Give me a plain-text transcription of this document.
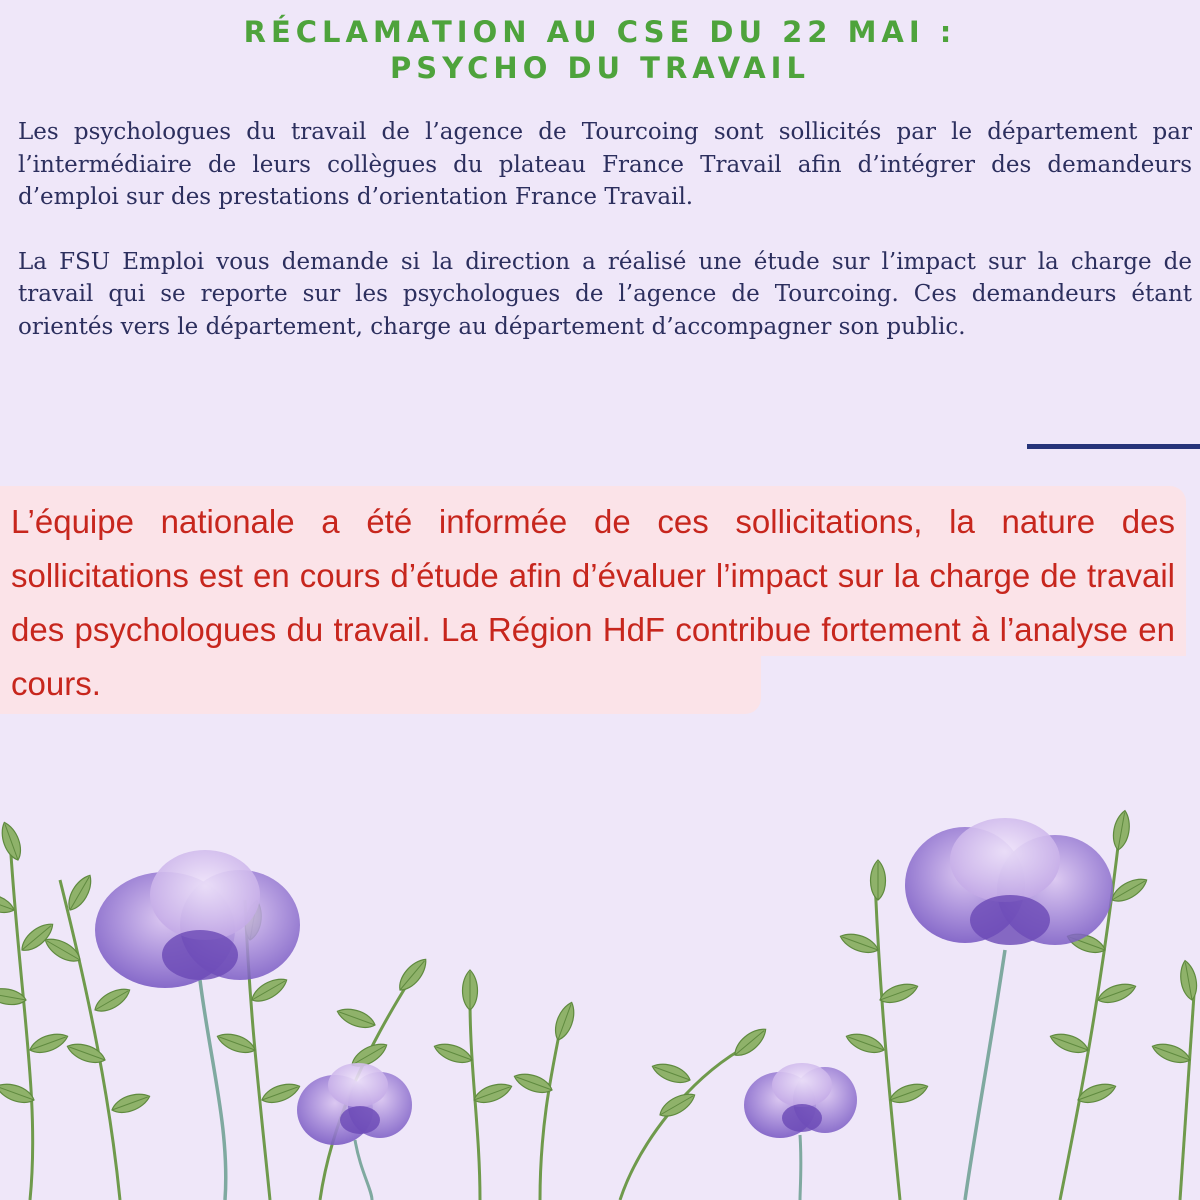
RÉCLAMATION AU CSE DU 22 MAI :
PSYCHO DU TRAVAIL

Les psychologues du travail de l’agence de Tourcoing sont sollicités par le département par l’intermédiaire de leurs collègues du plateau France Travail afin d’intégrer des demandeurs d’emploi sur des prestations d’orientation France Travail.

La FSU Emploi vous demande si la direction a réalisé une étude sur l’impact sur la charge de travail qui se reporte sur les psychologues de l’agence de Tourcoing. Ces demandeurs étant orientés vers le département, charge au département d’accompagner son public.

L’équipe nationale a été informée de ces sollicitations, la nature des sollicitations est en cours d’étude afin d’évaluer l’impact sur la charge de travail des psychologues du travail. La Région HdF contribue fortement à l’analyse en cours.
